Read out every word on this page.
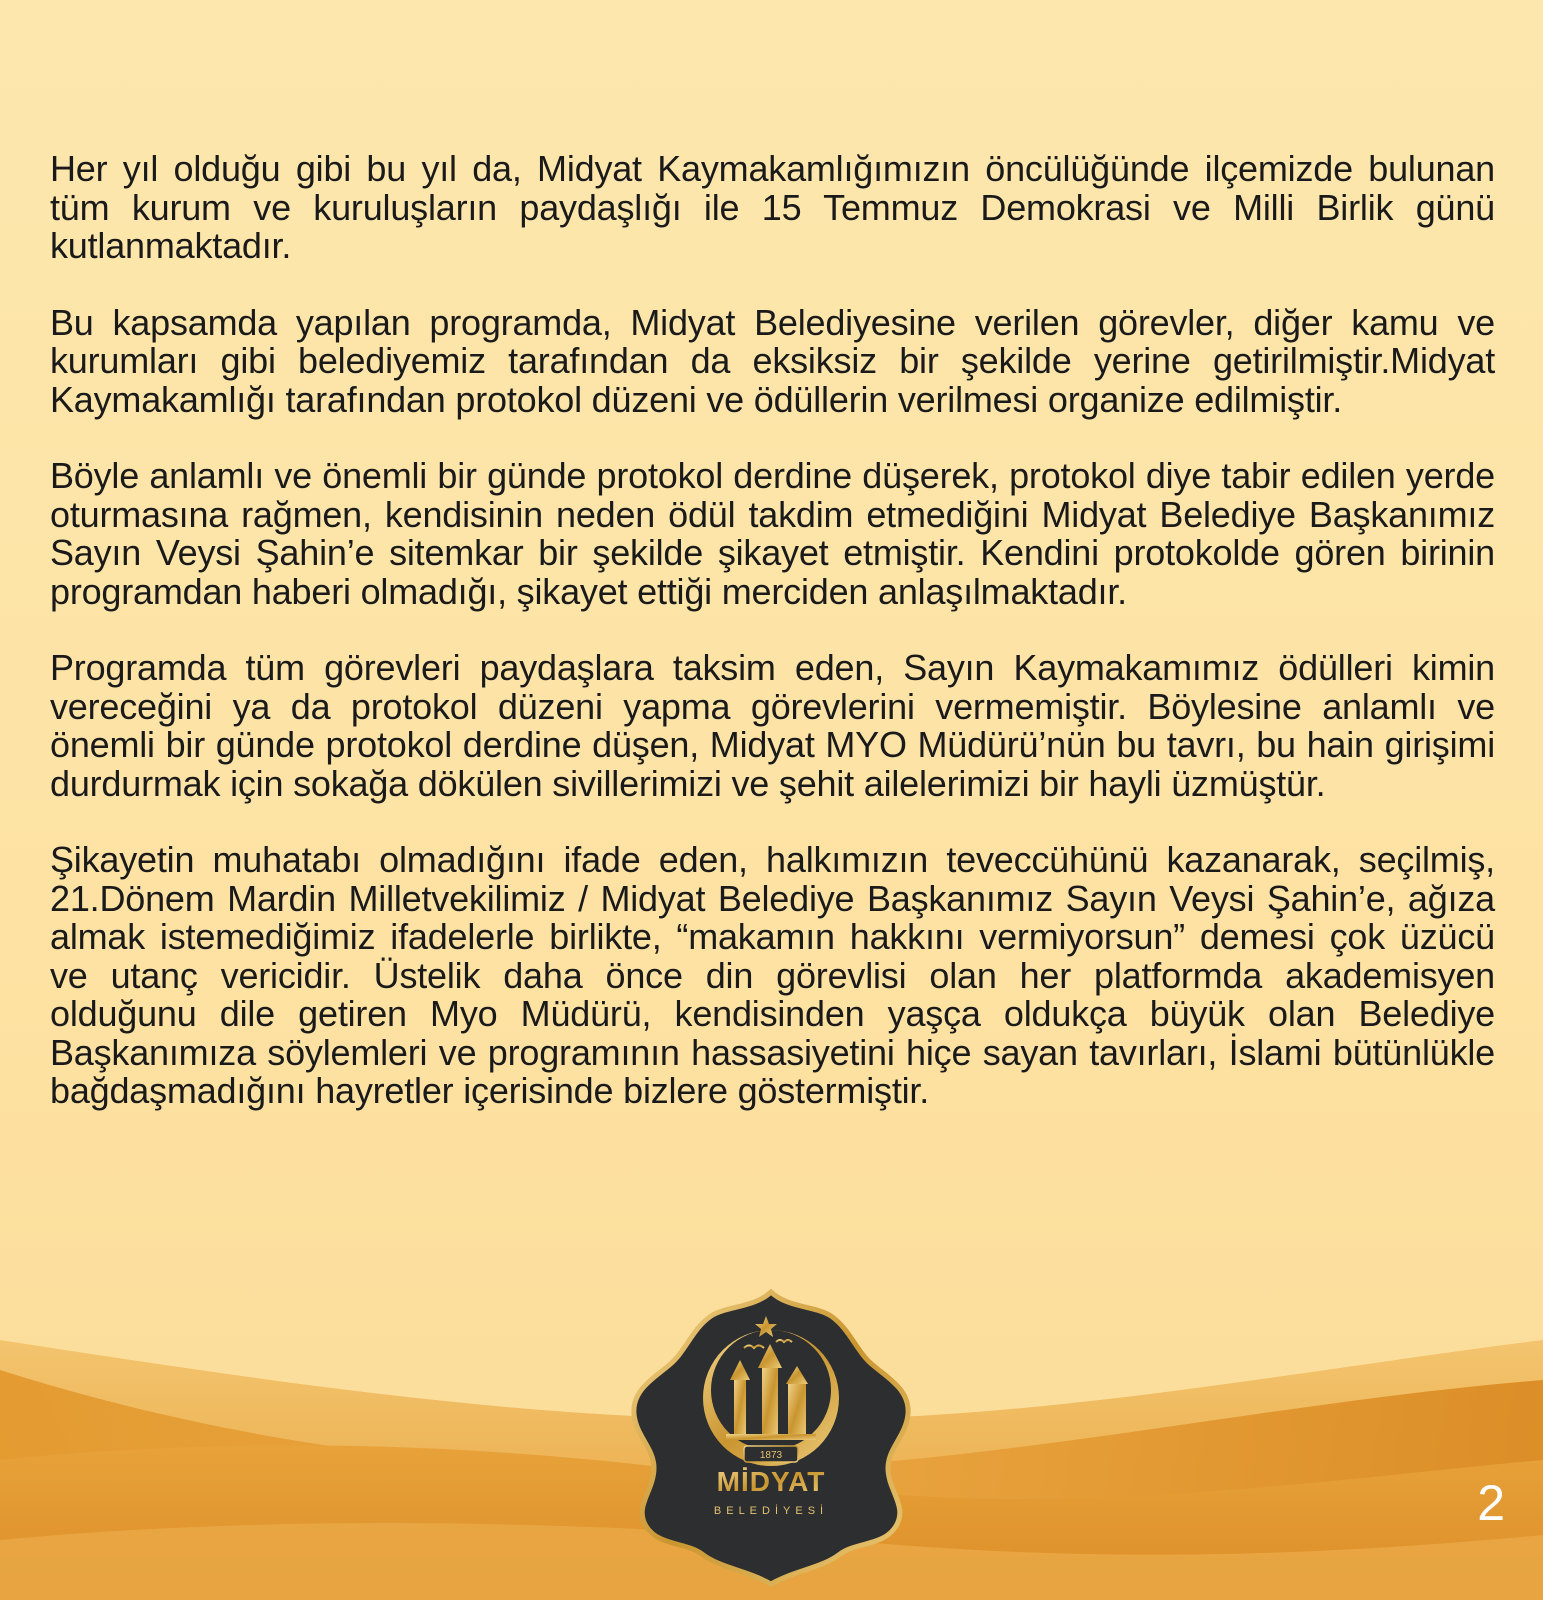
Her yıl olduğu gibi bu yıl da, Midyat Kaymakamlığımızın öncülüğünde ilçemizde bulunan tüm kurum ve kuruluşların paydaşlığı ile 15 Temmuz Demokrasi ve Milli Birlik günü kutlanmaktadır.

Bu kapsamda yapılan programda, Midyat Belediyesine verilen görevler, diğer kamu ve kurumları gibi belediyemiz tarafından da eksiksiz bir şekilde yerine getirilmiştir.Midyat Kaymakamlığı tarafından protokol düzeni ve ödüllerin verilmesi organize edilmiştir.

Böyle anlamlı ve önemli bir günde protokol derdine düşerek, protokol diye tabir edilen yerde oturmasına rağmen, kendisinin neden ödül takdim etmediğini Midyat Belediye Başkanımız Sayın Veysi Şahin’e sitemkar bir şekilde şikayet etmiştir. Kendini protokolde gören birinin programdan haberi olmadığı, şikayet ettiği merciden anlaşılmaktadır.

Programda tüm görevleri paydaşlara taksim eden, Sayın Kaymakamımız ödülleri kimin vereceğini ya da protokol düzeni yapma görevlerini vermemiştir. Böylesine anlamlı ve önemli bir günde protokol derdine düşen, Midyat MYO Müdürü’nün bu tavrı, bu hain girişimi durdurmak için sokağa dökülen sivillerimizi ve şehit ailelerimizi bir hayli üzmüştür.

Şikayetin muhatabı olmadığını ifade eden, halkımızın teveccühünü kazanarak, seçilmiş, 21.Dönem Mardin Milletvekilimiz / Midyat Belediye Başkanımız Sayın Veysi Şahin’e, ağıza almak istemediğimiz ifadelerle birlikte, “makamın hakkını vermiyorsun” demesi çok üzücü ve utanç vericidir. Üstelik daha önce din görevlisi olan her platformda akademisyen olduğunu dile getiren Myo Müdürü, kendisinden yaşça oldukça büyük olan Belediye Başkanımıza söylemleri ve programının hassasiyetini hiçe sayan tavırları, İslami bütünlükle bağdaşmadığını hayretler içerisinde bizlere göstermiştir.

1873
MİDYAT
BELEDİYESİ	2
